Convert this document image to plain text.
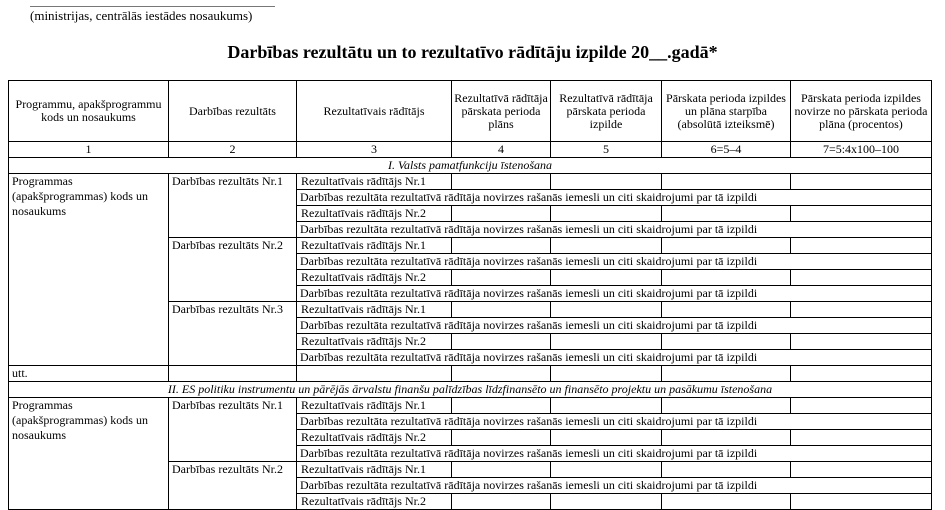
(ministrijas, centrālās iestādes nosaukums)
Darbības rezultātu un to rezultatīvo rādītāju izpilde 20__.gadā*
Programmu, apakšprogrammu kods un nosaukums	Darbības rezultāts	Rezultatīvais rādītājs	Rezultatīvā rādītāja pārskata perioda plāns	Rezultatīvā rādītāja pārskata perioda izpilde	Pārskata perioda izpildes un plāna starpība (absolūtā izteiksmē)	Pārskata perioda izpildes novirze no pārskata perioda plāna (procentos)
1	2	3	4	5	6=5–4	7=5:4x100–100
I. Valsts pamatfunkciju īstenošana						
Programmas (apakšprogrammas) kods un nosaukums	Darbības rezultāts Nr.1	Rezultatīvais rādītājs Nr.1				
		Darbības rezultāta rezultatīvā rādītāja novirzes rašanās iemesli un citi skaidrojumi par tā izpildi				
		Rezultatīvais rādītājs Nr.2				
		Darbības rezultāta rezultatīvā rādītāja novirzes rašanās iemesli un citi skaidrojumi par tā izpildi				
	Darbības rezultāts Nr.2	Rezultatīvais rādītājs Nr.1				
		Darbības rezultāta rezultatīvā rādītāja novirzes rašanās iemesli un citi skaidrojumi par tā izpildi				
		Rezultatīvais rādītājs Nr.2				
		Darbības rezultāta rezultatīvā rādītāja novirzes rašanās iemesli un citi skaidrojumi par tā izpildi				
	Darbības rezultāts Nr.3	Rezultatīvais rādītājs Nr.1				
		Darbības rezultāta rezultatīvā rādītāja novirzes rašanās iemesli un citi skaidrojumi par tā izpildi				
		Rezultatīvais rādītājs Nr.2				
		Darbības rezultāta rezultatīvā rādītāja novirzes rašanās iemesli un citi skaidrojumi par tā izpildi				
utt.						
II. ES politiku instrumentu un pārējās ārvalstu finanšu palīdzības līdzfinansēto un finansēto projektu un pasākumu īstenošana						
Programmas (apakšprogrammas) kods un nosaukums	Darbības rezultāts Nr.1	Rezultatīvais rādītājs Nr.1				
		Darbības rezultāta rezultatīvā rādītāja novirzes rašanās iemesli un citi skaidrojumi par tā izpildi				
		Rezultatīvais rādītājs Nr.2				
		Darbības rezultāta rezultatīvā rādītāja novirzes rašanās iemesli un citi skaidrojumi par tā izpildi				
	Darbības rezultāts Nr.2	Rezultatīvais rādītājs Nr.1				
		Darbības rezultāta rezultatīvā rādītāja novirzes rašanās iemesli un citi skaidrojumi par tā izpildi				
		Rezultatīvais rādītājs Nr.2				
